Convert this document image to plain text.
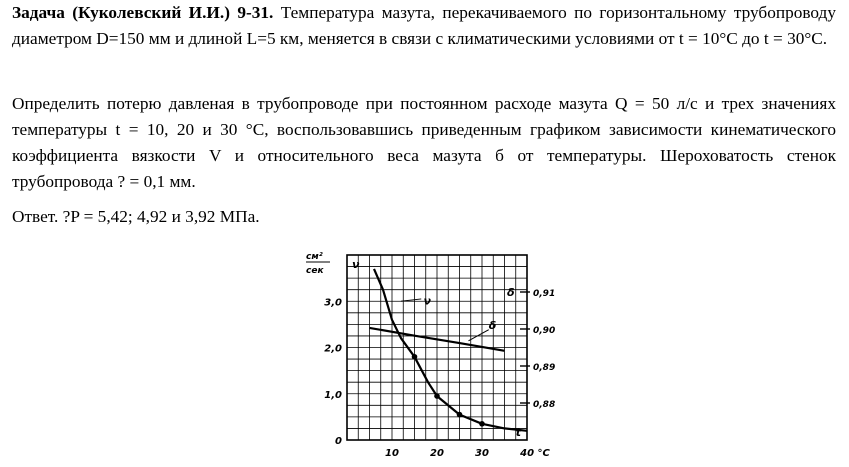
Задача (Куколевский И.И.) 9-31. Температура мазута, перекачиваемого по горизонтальному трубопроводу диаметром D=150 мм и длиной L=5 км, меняется в связи с климатическими условиями от t = 10°C до t = 30°C.

Определить потерю давленая в трубопроводе при постоянном расходе мазута Q = 50 л/с и трех значениях температуры t = 10, 20 и 30 °C, воспользовавшись приведенным графиком зависимости кинематического коэффициента вязкости V и относительного веса мазута б от температуры. Шероховатость стенок трубопровода ? = 0,1 мм.

Ответ. ?P = 5,42; 4,92 и 3,92 МПа.

0
1,0
2,0
3,0
см²
сек	ν
10	20	30	40 °C
t
0,91
0,90
0,89
0,88
δ
ν
δ
